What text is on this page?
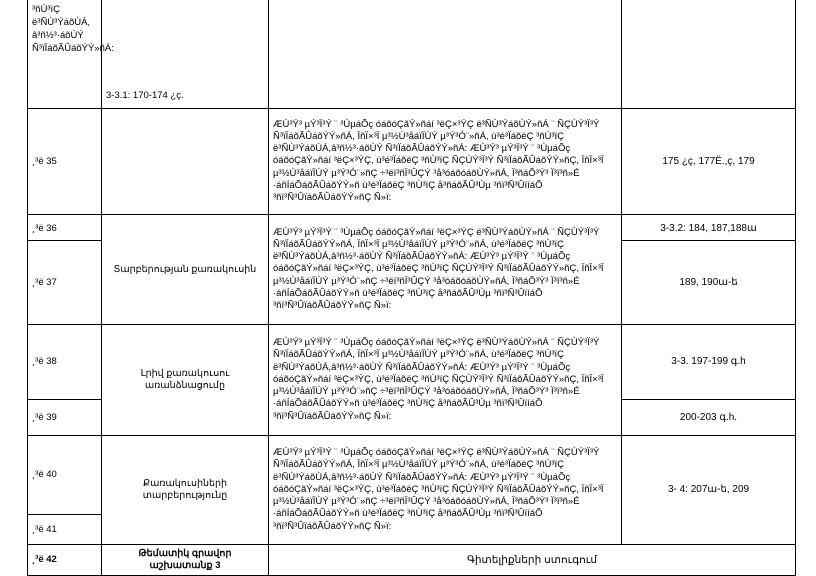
³ñÙ³ïÇ ë³ÑÙ³ÝáõÙÁ, â³ñ½³·áõÙÝ Ñ³ïÏáõÃÛáõÝÝ»ñÁ:	3-3.1: 170-174 ¿ç.		
¸³ë 35		ÆÙ³Ý³ µÝ³Ï³Ý ¨ ³ÙµáÕç óáõóÇãÝ»ñáí ³ëÇ×³ÝÇ ë³ÑÙ³ÝáõÙÝ»ñÁ ¨ ÑÇÙÝ³Ï³Ý Ñ³ïÏáõÃÛáõÝÝ»ñÁ, ÏñÏ×³Ï µ³½Ù³åáïÏÙÝ µ³Ý³Ó¨»ñÁ, ù³é³ÏáõëÇ ³ñÙ³ïÇ ë³ÑÙ³ÝáõÙÁ,â³ñ½³·áõÙÝ Ñ³ïÏáõÃÛáõÝÝ»ñÁ: ÆÙ³Ý³ µÝ³Ï³Ý ¨ ³ÙµáÕç óáõóÇãÝ»ñáí ³ëÇ×³ÝÇ, ù³é³ÏáõëÇ ³ñÙ³ïÇ ÑÇÙÝ³Ï³Ý Ñ³ïÏáõÃÛáõÝÝ»ñÇ, ÏñÏ×³Ï µ³½Ù³åáïÏÙÝ µ³Ý³Ó¨»ñÇ ÷³ëï³ñÏ³ÛÇÝ ³å³óáõóáõÙÝ»ñÁ, Ï³ñáÕ³Ý³ Ï³ï³ñ»É ·áñÍáÕáõÃÛáõÝÝ»ñ ù³é³ÏáõëÇ ³ñÙ³ïÇ å³ñáõÃÛ³Ùµ ³ñï³Ñ³ÛïíáÕ ³ñï³Ñ³ÛïáõÃÛáõÝÝ»ñÇ Ñ»ï:	175 ¿ç, 177Ë.,ç, 179
¸³ë 36	Տարբերության քառակուսին	ÆÙ³Ý³ µÝ³Ï³Ý ¨ ³ÙµáÕç óáõóÇãÝ»ñáí ³ëÇ×³ÝÇ ë³ÑÙ³ÝáõÙÝ»ñÁ ¨ ÑÇÙÝ³Ï³Ý Ñ³ïÏáõÃÛáõÝÝ»ñÁ, ÏñÏ×³Ï µ³½Ù³åáïÏÙÝ µ³Ý³Ó¨»ñÁ, ù³é³ÏáõëÇ ³ñÙ³ïÇ ë³ÑÙ³ÝáõÙÁ,â³ñ½³·áõÙÝ Ñ³ïÏáõÃÛáõÝÝ»ñÁ: ÆÙ³Ý³ µÝ³Ï³Ý ¨ ³ÙµáÕç óáõóÇãÝ»ñáí ³ëÇ×³ÝÇ, ù³é³ÏáõëÇ ³ñÙ³ïÇ ÑÇÙÝ³Ï³Ý Ñ³ïÏáõÃÛáõÝÝ»ñÇ, ÏñÏ×³Ï µ³½Ù³åáïÏÙÝ µ³Ý³Ó¨»ñÇ ÷³ëï³ñÏ³ÛÇÝ ³å³óáõóáõÙÝ»ñÁ, Ï³ñáÕ³Ý³ Ï³ï³ñ»É ·áñÍáÕáõÃÛáõÝÝ»ñ ù³é³ÏáõëÇ ³ñÙ³ïÇ å³ñáõÃÛ³Ùµ ³ñï³Ñ³ÛïíáÕ ³ñï³Ñ³ÛïáõÃÛáõÝÝ»ñÇ Ñ»ï:	3-3.2: 184, 187,188ա
¸³ë 37			189, 190ա-ե
¸³ë 38	Լրիվ քառակուսու առանձնացումը	ÆÙ³Ý³ µÝ³Ï³Ý ¨ ³ÙµáÕç óáõóÇãÝ»ñáí ³ëÇ×³ÝÇ ë³ÑÙ³ÝáõÙÝ»ñÁ ¨ ÑÇÙÝ³Ï³Ý Ñ³ïÏáõÃÛáõÝÝ»ñÁ, ÏñÏ×³Ï µ³½Ù³åáïÏÙÝ µ³Ý³Ó¨»ñÁ, ù³é³ÏáõëÇ ³ñÙ³ïÇ ë³ÑÙ³ÝáõÙÁ,â³ñ½³·áõÙÝ Ñ³ïÏáõÃÛáõÝÝ»ñÁ: ÆÙ³Ý³ µÝ³Ï³Ý ¨ ³ÙµáÕç óáõóÇãÝ»ñáí ³ëÇ×³ÝÇ, ù³é³ÏáõëÇ ³ñÙ³ïÇ ÑÇÙÝ³Ï³Ý Ñ³ïÏáõÃÛáõÝÝ»ñÇ, ÏñÏ×³Ï µ³½Ù³åáïÏÙÝ µ³Ý³Ó¨»ñÇ ÷³ëï³ñÏ³ÛÇÝ ³å³óáõóáõÙÝ»ñÁ, Ï³ñáÕ³Ý³ Ï³ï³ñ»É ·áñÍáÕáõÃÛáõÝÝ»ñ ù³é³ÏáõëÇ ³ñÙ³ïÇ å³ñáõÃÛ³Ùµ ³ñï³Ñ³ÛïíáÕ ³ñï³Ñ³ÛïáõÃÛáõÝÝ»ñÇ Ñ»ï:	3-3. 197-199 գ.h
¸³ë 39			200-203 գ.h.
¸³ë 40	Քառակուսիների տարբերությունը	ÆÙ³Ý³ µÝ³Ï³Ý ¨ ³ÙµáÕç óáõóÇãÝ»ñáí ³ëÇ×³ÝÇ ë³ÑÙ³ÝáõÙÝ»ñÁ ¨ ÑÇÙÝ³Ï³Ý Ñ³ïÏáõÃÛáõÝÝ»ñÁ, ÏñÏ×³Ï µ³½Ù³åáïÏÙÝ µ³Ý³Ó¨»ñÁ, ù³é³ÏáõëÇ ³ñÙ³ïÇ ë³ÑÙ³ÝáõÙÁ,â³ñ½³·áõÙÝ Ñ³ïÏáõÃÛáõÝÝ»ñÁ: ÆÙ³Ý³ µÝ³Ï³Ý ¨ ³ÙµáÕç óáõóÇãÝ»ñáí ³ëÇ×³ÝÇ, ù³é³ÏáõëÇ ³ñÙ³ïÇ ÑÇÙÝ³Ï³Ý Ñ³ïÏáõÃÛáõÝÝ»ñÇ, ÏñÏ×³Ï µ³½Ù³åáïÏÙÝ µ³Ý³Ó¨»ñÇ ÷³ëï³ñÏ³ÛÇÝ ³å³óáõóáõÙÝ»ñÁ, Ï³ñáÕ³Ý³ Ï³ï³ñ»É ·áñÍáÕáõÃÛáõÝÝ»ñ ù³é³ÏáõëÇ ³ñÙ³ïÇ å³ñáõÃÛ³Ùµ ³ñï³Ñ³ÛïíáÕ ³ñï³Ñ³ÛïáõÃÛáõÝÝ»ñÇ Ñ»ï:	3- 4: 207ա-ե, 209
¸³ë 41			
¸³ë 42	Թեմատիկ գրավոր աշխատանք 3	Գիտելիքների ստուգում	
